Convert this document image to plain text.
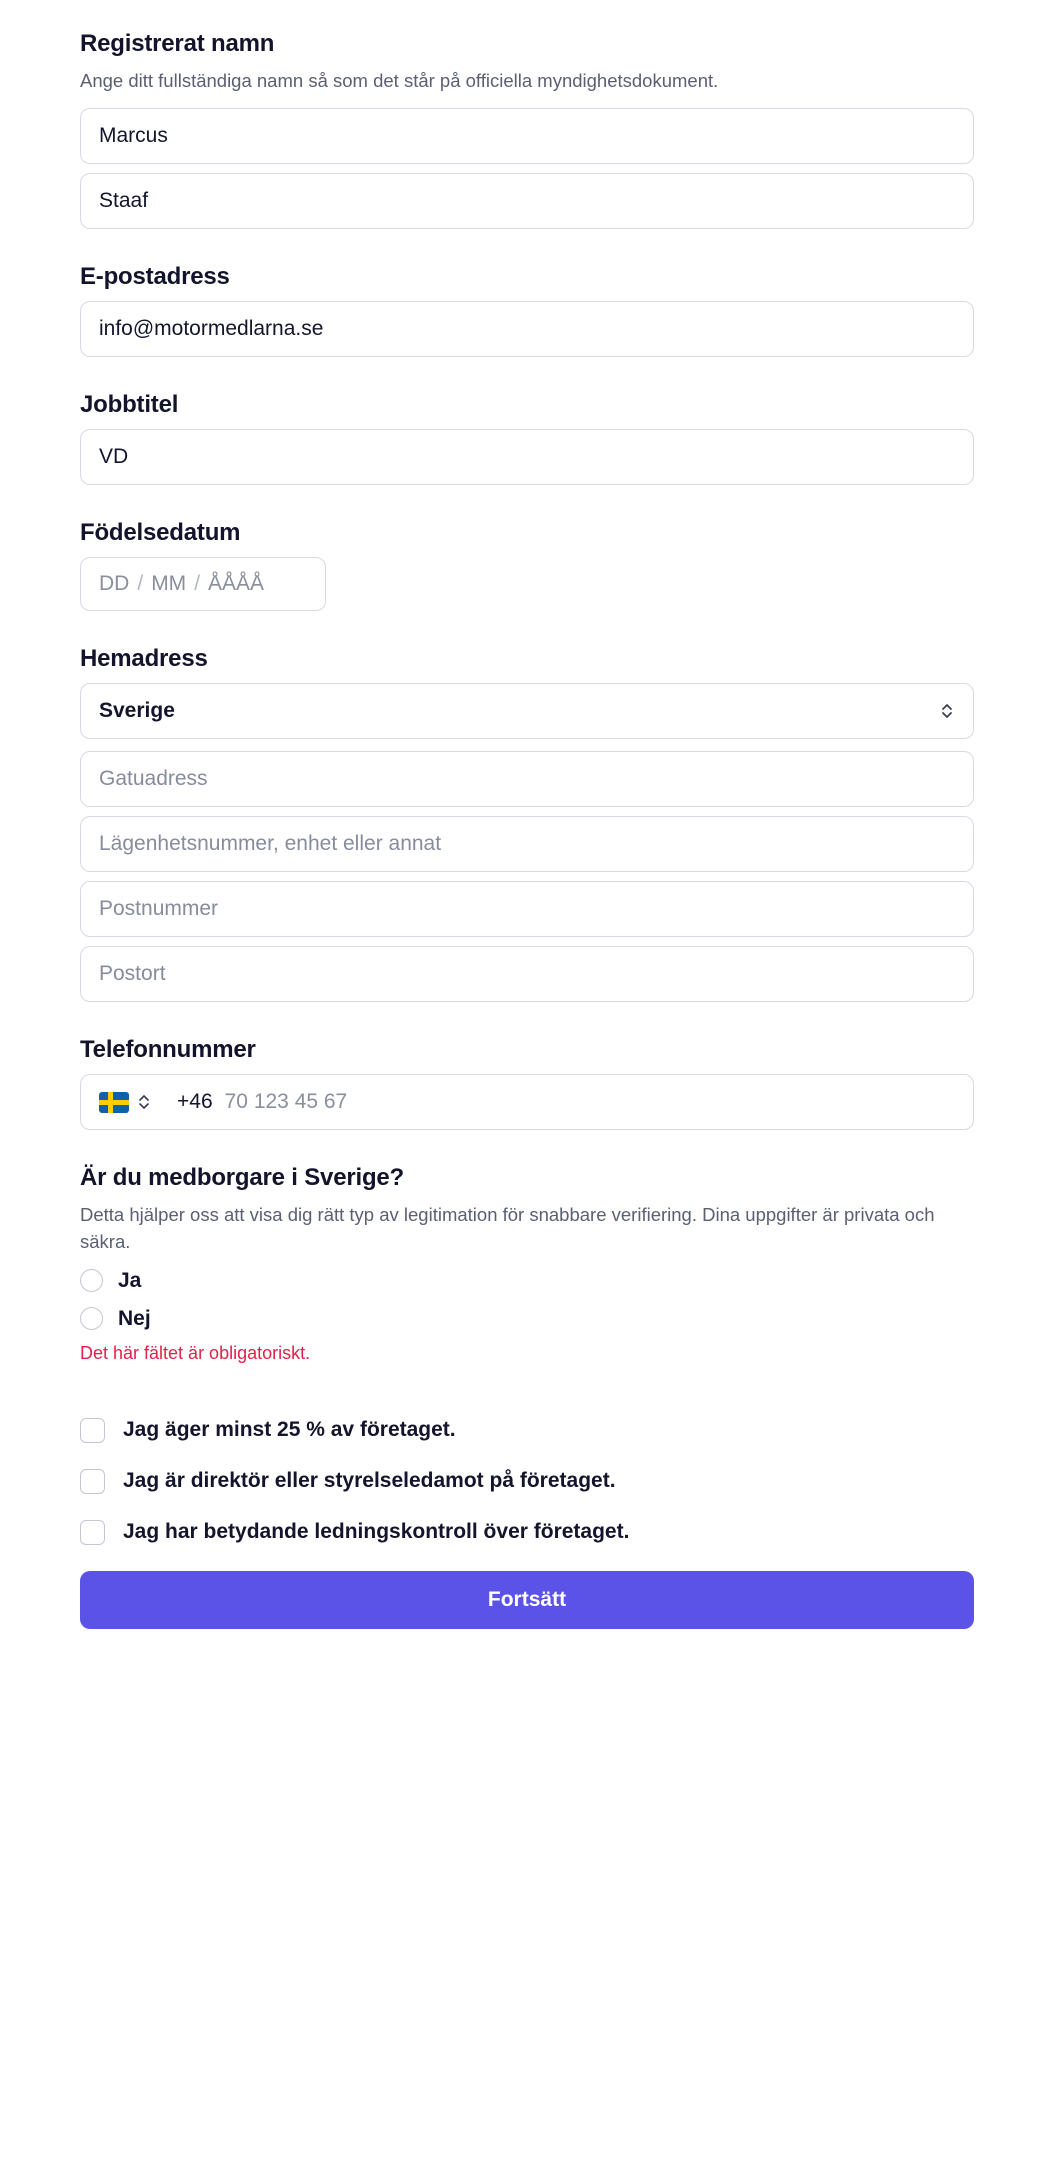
Registrerat namn
Ange ditt fullständiga namn så som det står på officiella myndighetsdokument.
Marcus
Staaf
E-postadress
info@motormedlarna.se
Jobbtitel
VD
Födelsedatum
DD / MM / ÅÅÅÅ
Hemadress
Sverige
Gatuadress
Lägenhetsnummer, enhet eller annat
Postnummer
Postort
Telefonnummer
+46 70 123 45 67
Är du medborgare i Sverige?
Detta hjälper oss att visa dig rätt typ av legitimation för snabbare verifiering. Dina uppgifter är privata och säkra.
Ja
Nej
Det här fältet är obligatoriskt.
Jag äger minst 25 % av företaget.
Jag är direktör eller styrelseledamot på företaget.
Jag har betydande ledningskontroll över företaget.
Fortsätt
